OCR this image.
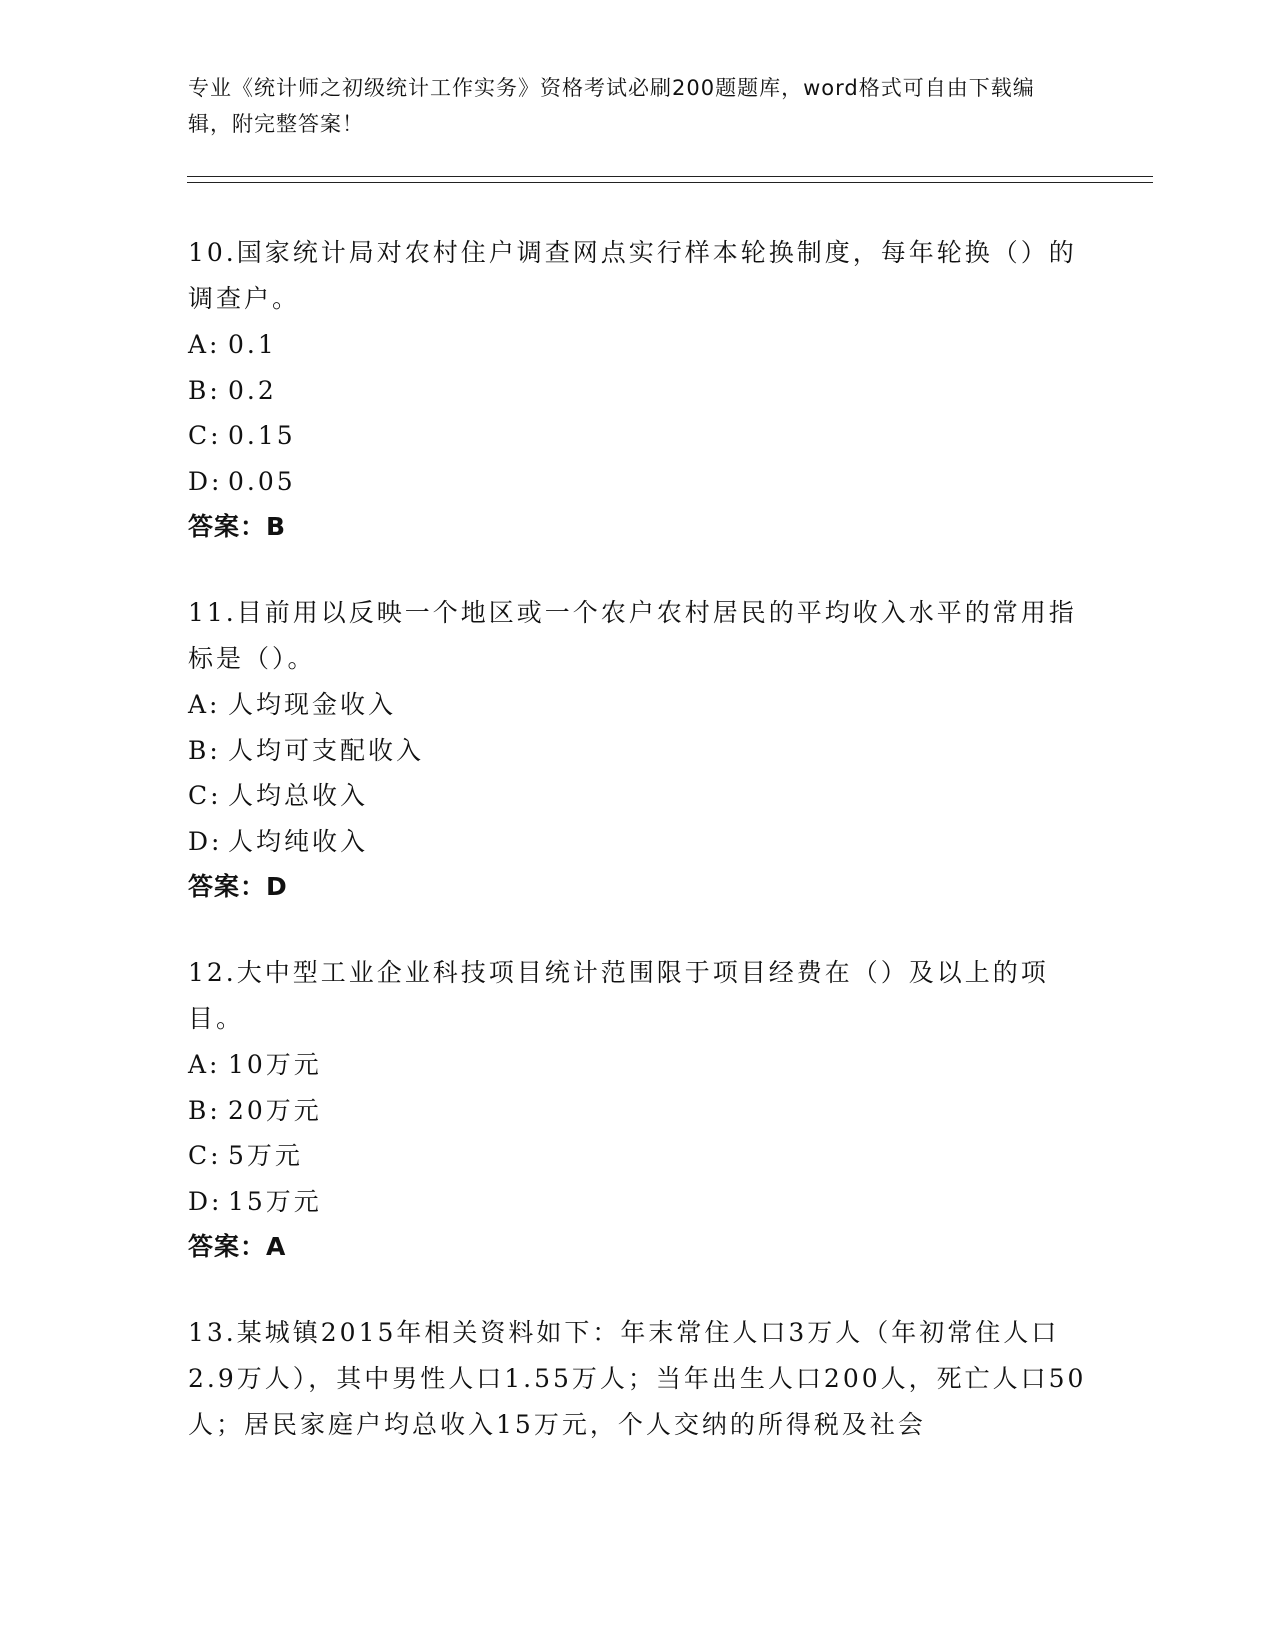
专业《统计师之初级统计工作实务》资格考试必刷200题题库，word格式可自由下载编辑，附完整答案！

10.国家统计局对农村住户调查网点实行样本轮换制度，每年轮换（）的调查户。

A: 0.1
B: 0.2
C: 0.15
D: 0.05
答案：B

11.目前用以反映一个地区或一个农户农村居民的平均收入水平的常用指标是（）。

A: 人均现金收入
B: 人均可支配收入
C: 人均总收入
D: 人均纯收入
答案：D

12.大中型工业企业科技项目统计范围限于项目经费在（）及以上的项目。

A: 10万元
B: 20万元
C: 5万元
D: 15万元
答案：A

13.某城镇2015年相关资料如下：年末常住人口3万人（年初常住人口2.9万人），其中男性人口1.55万人；当年出生人口200人，死亡人口50人；居民家庭户均总收入15万元，个人交纳的所得税及社会
